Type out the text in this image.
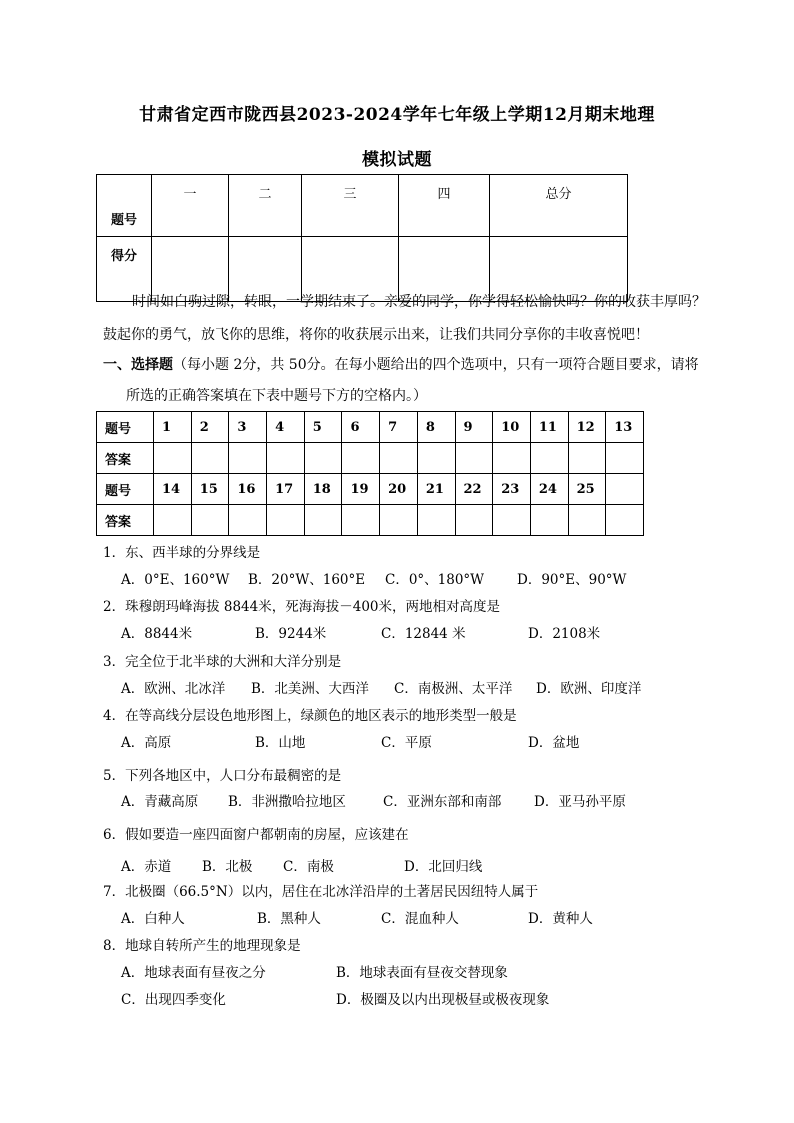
甘肃省定西市陇西县2023-2024学年七年级上学期12月期末地理
模拟试题
题号	一	二	三	四	总分
得分					
时间如白驹过隙，转眼，一学期结束了。亲爱的同学，你学得轻松愉快吗？你的收获丰厚吗？
鼓起你的勇气，放飞你的思维，将你的收获展示出来，让我们共同分享你的丰收喜悦吧！
一、选择题（每小题 2分，共 50分。在每小题给出的四个选项中，只有一项符合题目要求，请将
所选的正确答案填在下表中题号下方的空格内。）
题号	1	2	3	4	5	6	7	8	9	10	11	12	13
答案													
题号	14	15	16	17	18	19	20	21	22	23	24	25	
答案													
1．东、西半球的分界线是
A．0°E、160°W B．20°W、160°E C．0°、180°W D．90°E、90°W
2．珠穆朗玛峰海拔 8844米，死海海拔－400米，两地相对高度是
A．8844米	B．9244米	C．12844 米	D．2108米
3．完全位于北半球的大洲和大洋分别是
A．欧洲、北冰洋 B．北美洲、大西洋 C．南极洲、太平洋 D．欧洲、印度洋
4．在等高线分层设色地形图上，绿颜色的地区表示的地形类型一般是
A．高原	B．山地	C．平原	D．盆地
5．下列各地区中，人口分布最稠密的是
A．青藏高原 B．非洲撒哈拉地区	C．亚洲东部和南部 D．亚马孙平原
6．假如要造一座四面窗户都朝南的房屋，应该建在
A．赤道 B．北极 C．南极	D．北回归线
7．北极圈（66.5°N）以内，居住在北冰洋沿岸的土著居民因纽特人属于
A．白种人	B．黑种人	C．混血种人	D．黄种人
8．地球自转所产生的地理现象是
A．地球表面有昼夜之分	B．地球表面有昼夜交替现象
C．出现四季变化	D．极圈及以内出现极昼或极夜现象
